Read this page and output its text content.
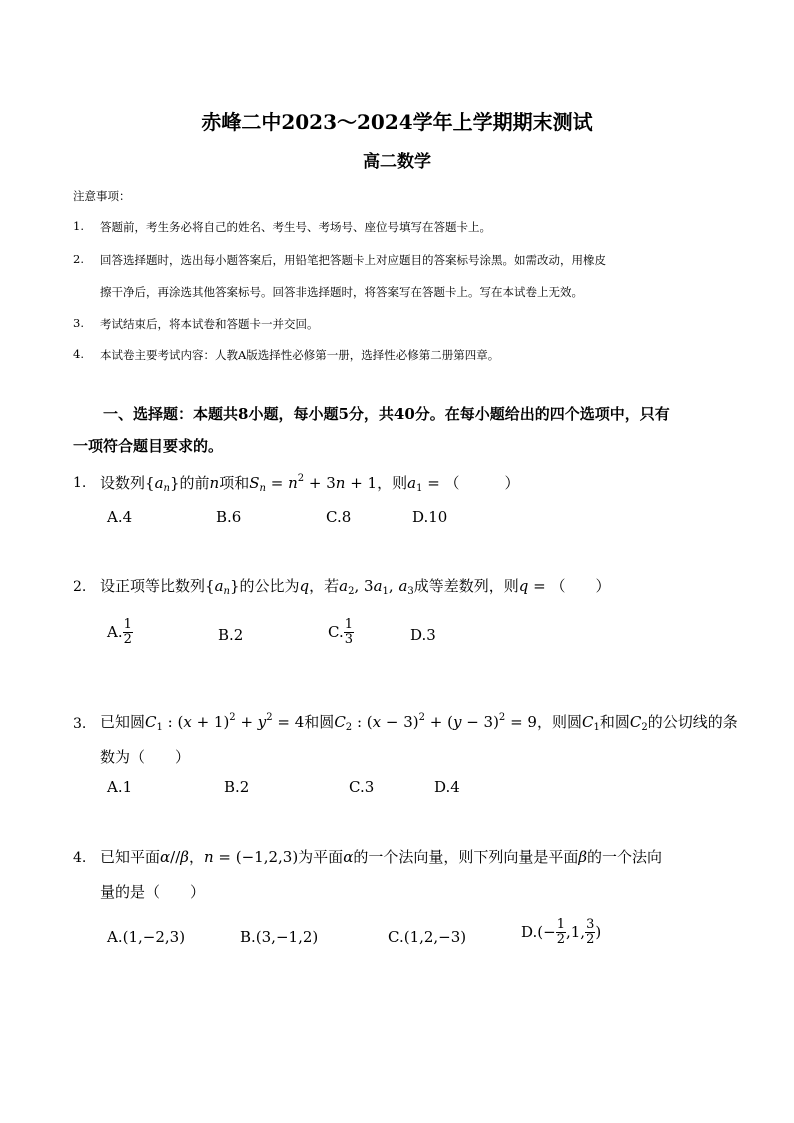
赤峰二中2023～2024学年上学期期末测试
高二数学
注意事项：
1. 答题前，考生务必将自己的姓名、考生号、考场号、座位号填写在答题卡上。
2. 回答选择题时，选出每小题答案后，用铅笔把答题卡上对应题目的答案标号涂黑。如需改动，用橡皮
擦干净后，再涂选其他答案标号。回答非选择题时，将答案写在答题卡上。写在本试卷上无效。
3. 考试结束后，将本试卷和答题卡一并交回。
4. 本试卷主要考试内容：人教A版选择性必修第一册，选择性必修第二册第四章。
一、选择题：本题共8小题，每小题5分，共40分。在每小题给出的四个选项中，只有
一项符合题目要求的。
1. 设数列$\{a_n\}$的前n项和$S_n = n^2 + 3n + 1$，则$a_1$ = （　　　）
A.4	B.6	C.8	D.10
2. 设正项等比数列$\{a_n\}$的公比为q，若$a_2$, $3a_1$, $a_3$成等差数列，则q = （　　）
A. $\frac{1}{2}$	B.2	C. $\frac{1}{3}$	D.3
3. 已知圆$C_1$ : $(x + 1)^2 + y^2 = 4$和圆$C_2$ : $(x - 3)^2 + (y - 3)^2 = 9$，则圆$C_1$和圆$C_2$的公切线的条
数为（　　）
A.1	B.2	C.3	D.4
4. 已知平面α//β，n = (−1,2,3)为平面α的一个法向量，则下列向量是平面β的一个法向
量的是（　　）
A.(1,−2,3)	B.(3,−1,2)	C.(1,2,−3)	$D.(- \frac{1}{2} ,1$, $\frac{3}{2}$ )
